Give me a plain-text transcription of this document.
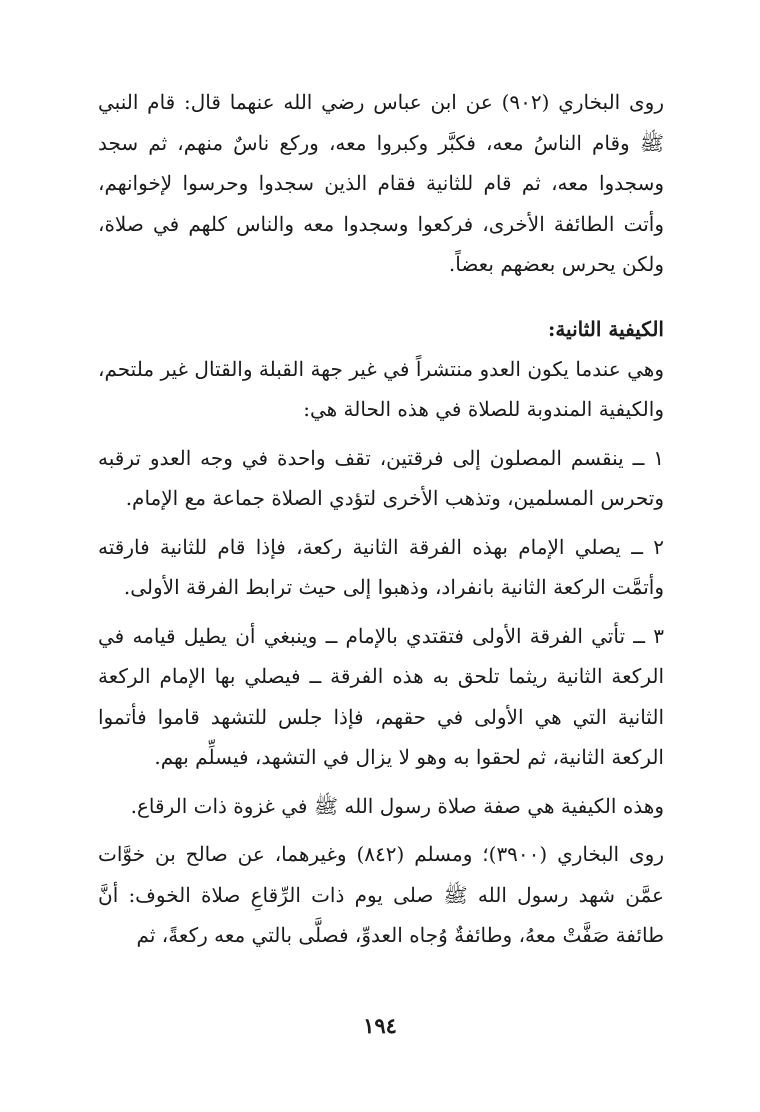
روى البخاري (٩٠٢) عن ابن عباس رضي الله عنهما قال: قام النبي ﷺ وقام الناسُ معه، فكبَّر وكبروا معه، وركع ناسٌ منهم، ثم سجد وسجدوا معه، ثم قام للثانية فقام الذين سجدوا وحرسوا لإخوانهم، وأتت الطائفة الأخرى، فركعوا وسجدوا معه والناس كلهم في صلاة، ولكن يحرس بعضهم بعضاً.

الكيفية الثانية:

وهي عندما يكون العدو منتشراً في غير جهة القبلة والقتال غير ملتحم، والكيفية المندوبة للصلاة في هذه الحالة هي:

١ ــ ينقسم المصلون إلى فرقتين، تقف واحدة في وجه العدو ترقبه وتحرس المسلمين، وتذهب الأخرى لتؤدي الصلاة جماعة مع الإمام.

٢ ــ يصلي الإمام بهذه الفرقة الثانية ركعة، فإذا قام للثانية فارقته وأتمَّت الركعة الثانية بانفراد، وذهبوا إلى حيث ترابط الفرقة الأولى.

٣ ــ تأتي الفرقة الأولى فتقتدي بالإمام ــ وينبغي أن يطيل قيامه في الركعة الثانية ريثما تلحق به هذه الفرقة ــ فيصلي بها الإمام الركعة الثانية التي هي الأولى في حقهم، فإذا جلس للتشهد قاموا فأتموا الركعة الثانية، ثم لحقوا به وهو لا يزال في التشهد، فيسلِّم بهم.

وهذه الكيفية هي صفة صلاة رسول الله ﷺ في غزوة ذات الرقاع.

روى البخاري (٣٩٠٠)؛ ومسلم (٨٤٢) وغيرهما، عن صالح بن خوَّات عمَّن شهد رسول الله ﷺ صلى يوم ذات الرِّقاعِ صلاة الخوف: أنَّ طائفة صَفَّتْ معهُ، وطائفةٌ وُجاه العدوِّ، فصلَّى بالتي معه ركعةً، ثم

١٩٤
